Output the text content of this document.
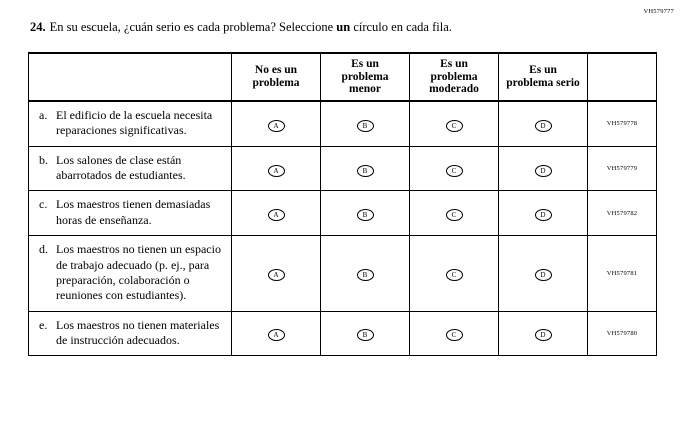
VH579777
24. En su escuela, ¿cuán serio es cada problema? Seleccione un círculo en cada fila.

No es un
problema

Es un
problema
menor

Es un
problema
moderado

Es un
problema serio

a. El edificio de la escuela necesita reparaciones significativas.	A	B	C	D	VH579778

b. Los salones de clase están abarrotados de estudiantes.	A	B	C	D	VH579779

c. Los maestros tienen demasiadas horas de enseñanza.	A	B	C	D	VH579782

d. Los maestros no tienen un espacio de trabajo adecuado (p. ej., para preparación, colaboración o reuniones con estudiantes).	A	B	C	D	VH579781

e. Los maestros no tienen materiales de instrucción adecuados.	A	B	C	D	VH579780
